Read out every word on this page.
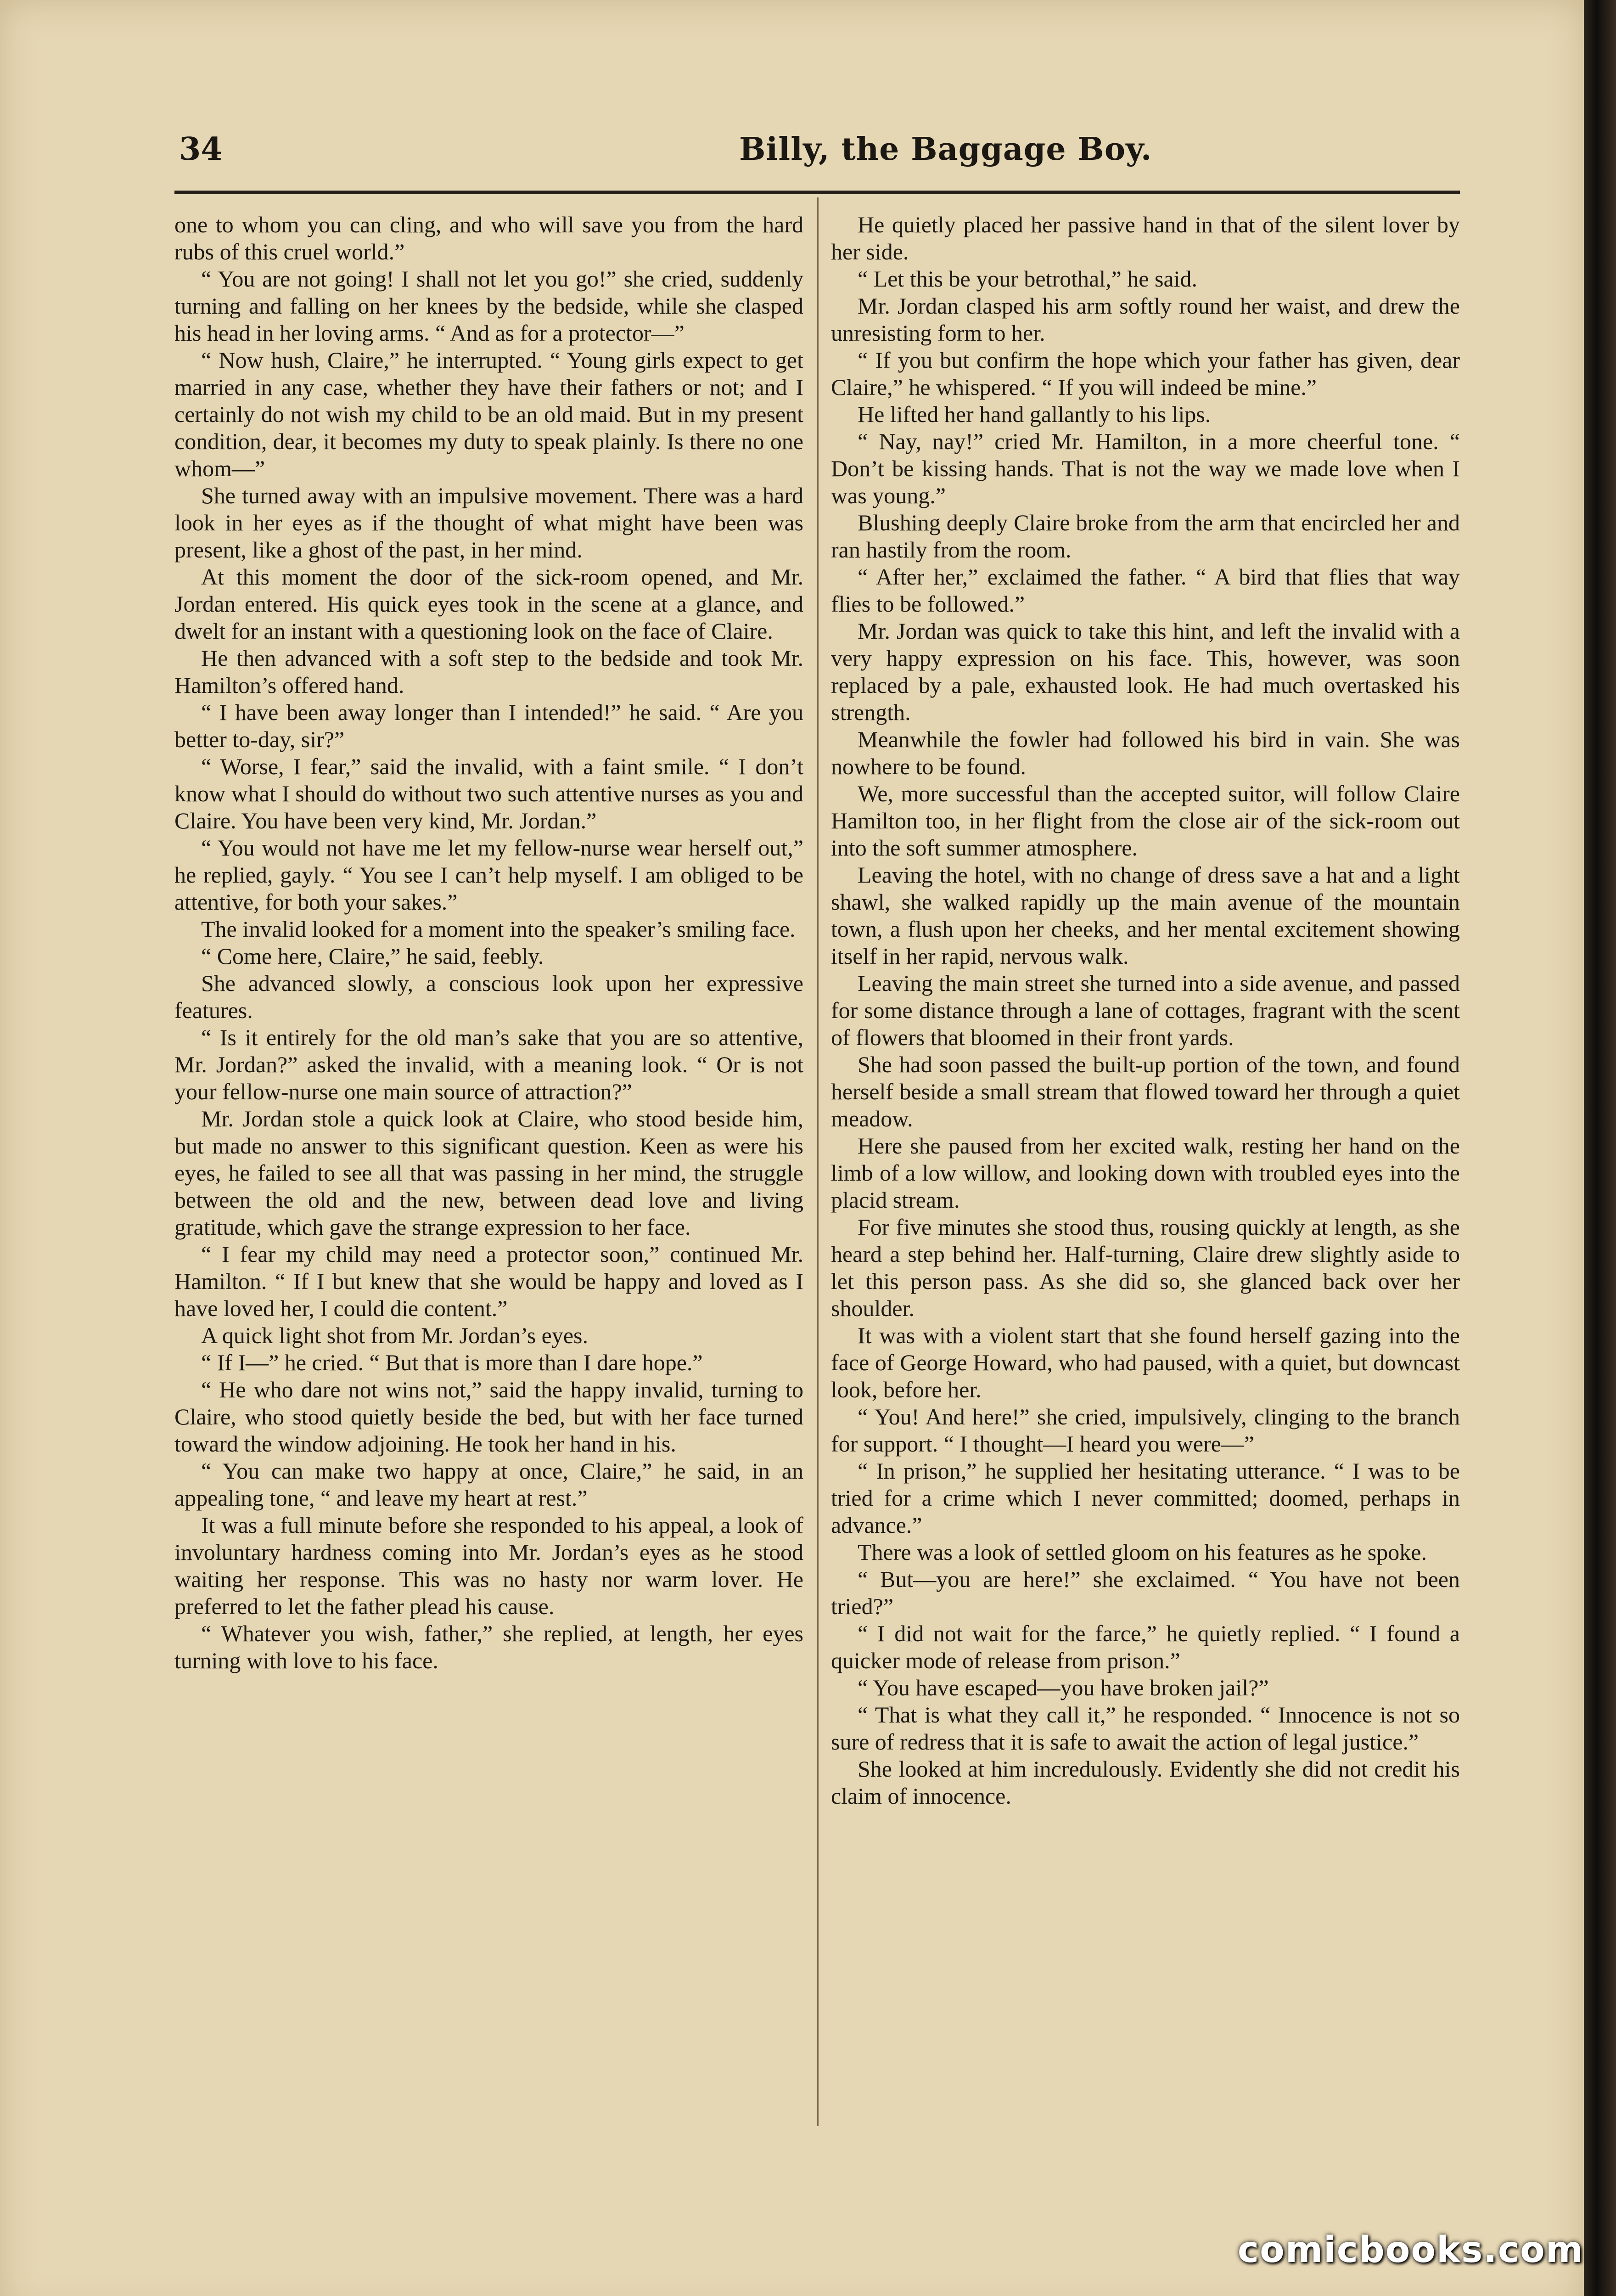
34	Billy, the Baggage Boy.

one to whom you can cling, and who will save you from the hard rubs of this cruel world.”

“ You are not going! I shall not let you go!” she cried, suddenly turning and falling on her knees by the bedside, while she clasped his head in her loving arms. “ And as for a protector—”

“ Now hush, Claire,” he interrupted. “ Young girls expect to get married in any case, whether they have their fathers or not; and I certainly do not wish my child to be an old maid. But in my present condition, dear, it becomes my duty to speak plainly. Is there no one whom—”

She turned away with an impulsive movement. There was a hard look in her eyes as if the thought of what might have been was present, like a ghost of the past, in her mind.

At this moment the door of the sick-room opened, and Mr. Jordan entered. His quick eyes took in the scene at a glance, and dwelt for an instant with a questioning look on the face of Claire.

He then advanced with a soft step to the bedside and took Mr. Hamilton’s offered hand.

“ I have been away longer than I intended!” he said. “ Are you better to-day, sir?”

“ Worse, I fear,” said the invalid, with a faint smile. “ I don’t know what I should do without two such attentive nurses as you and Claire. You have been very kind, Mr. Jordan.”

“ You would not have me let my fellow-nurse wear herself out,” he replied, gayly. “ You see I can’t help myself. I am obliged to be attentive, for both your sakes.”

The invalid looked for a moment into the speaker’s smiling face.

“ Come here, Claire,” he said, feebly.

She advanced slowly, a conscious look upon her expressive features.

“ Is it entirely for the old man’s sake that you are so attentive, Mr. Jordan?” asked the invalid, with a meaning look. “ Or is not your fellow-nurse one main source of attraction?”

Mr. Jordan stole a quick look at Claire, who stood beside him, but made no answer to this significant question. Keen as were his eyes, he failed to see all that was passing in her mind, the struggle between the old and the new, between dead love and living gratitude, which gave the strange expression to her face.

“ I fear my child may need a protector soon,” continued Mr. Hamilton. “ If I but knew that she would be happy and loved as I have loved her, I could die content.”

A quick light shot from Mr. Jordan’s eyes.

“ If I—” he cried. “ But that is more than I dare hope.”

“ He who dare not wins not,” said the happy invalid, turning to Claire, who stood quietly beside the bed, but with her face turned toward the window adjoining. He took her hand in his.

“ You can make two happy at once, Claire,” he said, in an appealing tone, “ and leave my heart at rest.”

It was a full minute before she responded to his appeal, a look of involuntary hardness coming into Mr. Jordan’s eyes as he stood waiting her response. This was no hasty nor warm lover. He preferred to let the father plead his cause.

“ Whatever you wish, father,” she replied, at length, her eyes turning with love to his face.

He quietly placed her passive hand in that of the silent lover by her side.

“ Let this be your betrothal,” he said.

Mr. Jordan clasped his arm softly round her waist, and drew the unresisting form to her.

“ If you but confirm the hope which your father has given, dear Claire,” he whispered. “ If you will indeed be mine.”

He lifted her hand gallantly to his lips.

“ Nay, nay!” cried Mr. Hamilton, in a more cheerful tone. “ Don’t be kissing hands. That is not the way we made love when I was young.”

Blushing deeply Claire broke from the arm that encircled her and ran hastily from the room.

“ After her,” exclaimed the father. “ A bird that flies that way flies to be followed.”

Mr. Jordan was quick to take this hint, and left the invalid with a very happy expression on his face. This, however, was soon replaced by a pale, exhausted look. He had much overtasked his strength.

Meanwhile the fowler had followed his bird in vain. She was nowhere to be found.

We, more successful than the accepted suitor, will follow Claire Hamilton too, in her flight from the close air of the sick-room out into the soft summer atmosphere.

Leaving the hotel, with no change of dress save a hat and a light shawl, she walked rapidly up the main avenue of the mountain town, a flush upon her cheeks, and her mental excitement showing itself in her rapid, nervous walk.

Leaving the main street she turned into a side avenue, and passed for some distance through a lane of cottages, fragrant with the scent of flowers that bloomed in their front yards.

She had soon passed the built-up portion of the town, and found herself beside a small stream that flowed toward her through a quiet meadow.

Here she paused from her excited walk, resting her hand on the limb of a low willow, and looking down with troubled eyes into the placid stream.

For five minutes she stood thus, rousing quickly at length, as she heard a step behind her. Half-turning, Claire drew slightly aside to let this person pass. As she did so, she glanced back over her shoulder.

It was with a violent start that she found herself gazing into the face of George Howard, who had paused, with a quiet, but downcast look, before her.

“ You! And here!” she cried, impulsively, clinging to the branch for support. “ I thought—I heard you were—”

“ In prison,” he supplied her hesitating utterance. “ I was to be tried for a crime which I never committed; doomed, perhaps in advance.”

There was a look of settled gloom on his features as he spoke.

“ But—you are here!” she exclaimed. “ You have not been tried?”

“ I did not wait for the farce,” he quietly replied. “ I found a quicker mode of release from prison.”

“ You have escaped—you have broken jail?”

“ That is what they call it,” he responded. “ Innocence is not so sure of redress that it is safe to await the action of legal justice.”

She looked at him incredulously. Evidently she did not credit his claim of innocence.

comicbooks.com
